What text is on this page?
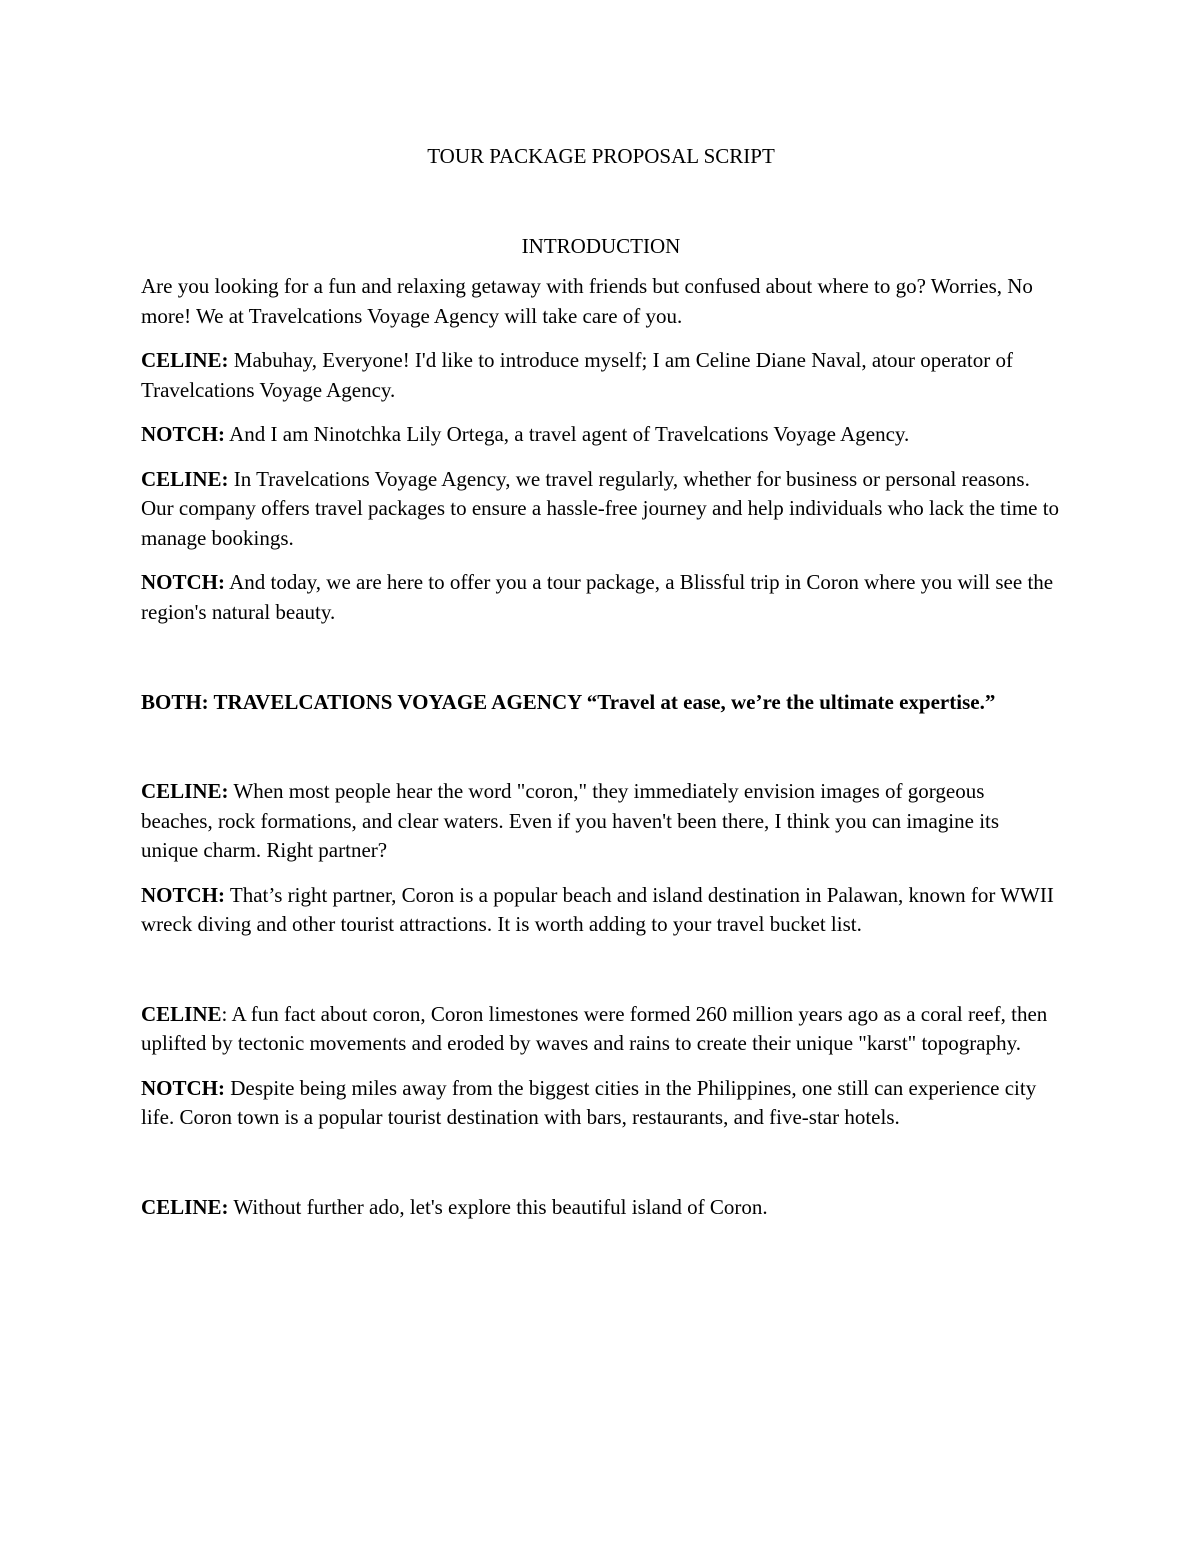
TOUR PACKAGE PROPOSAL SCRIPT
INTRODUCTION

Are you looking for a fun and relaxing getaway with friends but confused about where to go? Worries, No more! We at Travelcations Voyage Agency will take care of you.

CELINE: Mabuhay, Everyone! I'd like to introduce myself; I am Celine Diane Naval, atour operator of Travelcations Voyage Agency.

NOTCH: And I am Ninotchka Lily Ortega, a travel agent of Travelcations Voyage Agency.

CELINE: In Travelcations Voyage Agency, we travel regularly, whether for business or personal reasons. Our company offers travel packages to ensure a hassle-free journey and help individuals who lack the time to manage bookings.

NOTCH: And today, we are here to offer you a tour package, a Blissful trip in Coron where you will see the region's natural beauty.

BOTH: TRAVELCATIONS VOYAGE AGENCY “Travel at ease, we’re the ultimate expertise.”

CELINE: When most people hear the word "coron," they immediately envision images of gorgeous beaches, rock formations, and clear waters. Even if you haven't been there, I think you can imagine its unique charm. Right partner?

NOTCH: That’s right partner, Coron is a popular beach and island destination in Palawan, known for WWII wreck diving and other tourist attractions. It is worth adding to your travel bucket list.

CELINE: A fun fact about coron, Coron limestones were formed 260 million years ago as a coral reef, then uplifted by tectonic movements and eroded by waves and rains to create their unique "karst" topography.

NOTCH: Despite being miles away from the biggest cities in the Philippines, one still can experience city life. Coron town is a popular tourist destination with bars, restaurants, and five-star hotels.

CELINE: Without further ado, let's explore this beautiful island of Coron.
